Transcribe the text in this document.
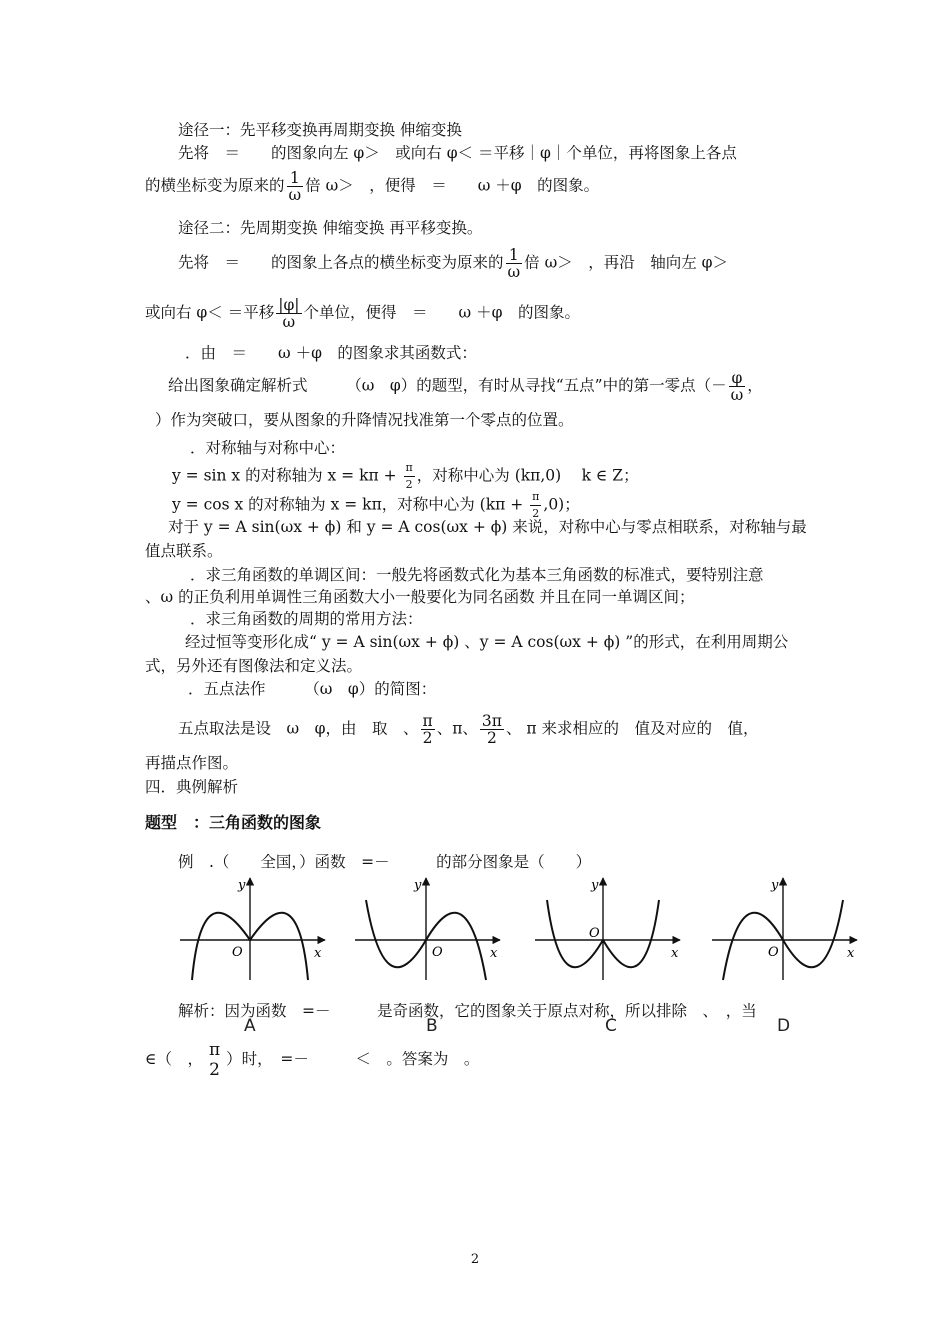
途径一：先平移变换再周期变换 伸缩变换
先将　＝　　的图象向左 φ＞　或向右 φ＜ ＝平移｜φ｜个单位，再将图象上各点
的横坐标变为原来的 $\frac{1}{\omega}$ 倍 ω＞　，便得　＝　　ω ＋φ　的图象。
途径二：先周期变换 伸缩变换 再平移变换。
先将　＝　　的图象上各点的横坐标变为原来的 $\frac{1}{\omega}$ 倍 ω＞　，再沿　轴向左 φ＞
或向右 φ＜ ＝平移 $\frac{|\varphi|}{\omega}$ 个单位，便得　＝　　ω ＋φ　的图象。
．由　＝　　ω ＋φ　的图象求其函数式：
给出图象确定解析式　　　（ω　φ）的题型，有时从寻找“五点”中的第一零点（－ $\frac{\varphi}{\omega}$ ，
）作为突破口，要从图象的升降情况找准第一个零点的位置。
．对称轴与对称中心：
y = sin x 的对称轴为 $x = k\pi + \frac{\pi}{2}$ ，对称中心为 (kπ,0)　 k ∈ Z；
y = cos x 的对称轴为 x = kπ，对称中心为 $(k\pi + \frac{\pi}{2} ,0)$；
对于 y = A sin(ωx + ϕ) 和 y = A cos(ωx + ϕ) 来说，对称中心与零点相联系，对称轴与最
值点联系。
．求三角函数的单调区间：一般先将函数式化为基本三角函数的标准式，要特别注意
、ω 的正负利用单调性三角函数大小一般要化为同名函数 并且在同一单调区间；
．求三角函数的周期的常用方法：
经过恒等变形化成“ y = A sin(ωx + ϕ) 、y = A cos(ωx + ϕ) ”的形式，在利用周期公
式，另外还有图像法和定义法。
．五点法作　　　（ω　φ）的简图：
五点取法是设　ω　φ，由　取　、 $\frac{\pi}{2}$ 、π、 $\frac{3\pi}{2}$ 、 π 来求相应的　值及对应的　值，
再描点作图。
四．典例解析
题型　：三角函数的图象
例　.（　　全国，）函数　=－　　　的部分图象是（　　）
y
x
O
y
x
O
y
x
O
y
x
O
解析：因为函数　=－　　　是奇函数，它的图象关于原点对称，所以排除　、　，当
A	B	C	D
∈（　， π
2
）时，　=－　　　＜　。答案为　。
2
